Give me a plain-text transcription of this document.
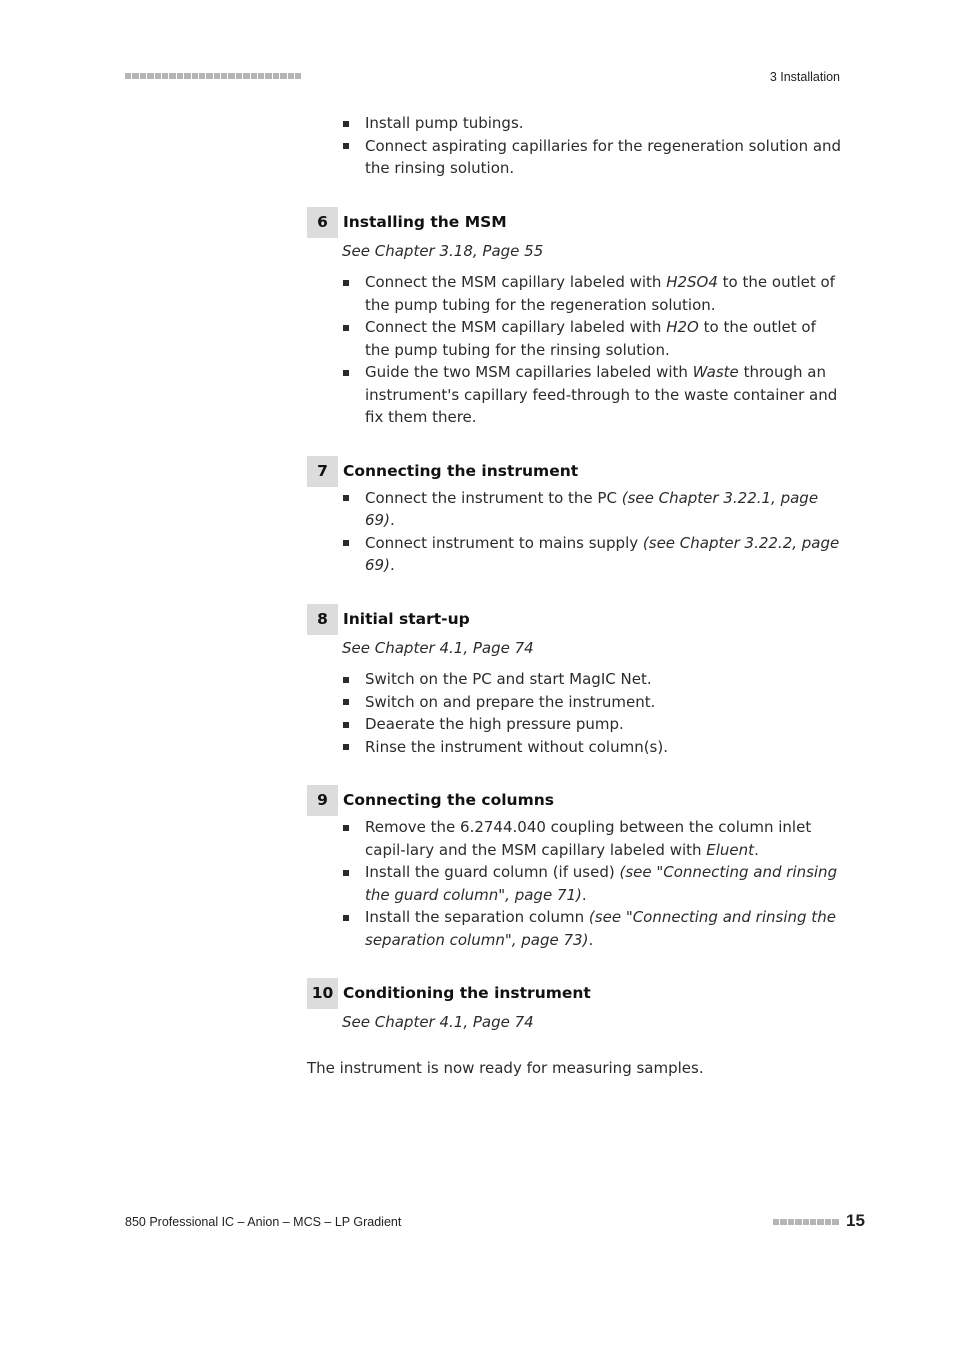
3 Installation
Install pump tubings.
Connect aspirating capillaries for the regeneration solution and the rinsing solution.
6 Installing the MSM
See Chapter 3.18, Page 55
Connect the MSM capillary labeled with H2SO4 to the outlet of the pump tubing for the regeneration solution.
Connect the MSM capillary labeled with H2O to the outlet of the pump tubing for the rinsing solution.
Guide the two MSM capillaries labeled with Waste through an instrument's capillary feed-through to the waste container and fix them there.
7 Connecting the instrument
Connect the instrument to the PC (see Chapter 3.22.1, page 69).
Connect instrument to mains supply (see Chapter 3.22.2, page 69).
8 Initial start-up
See Chapter 4.1, Page 74
Switch on the PC and start MagIC Net.
Switch on and prepare the instrument.
Deaerate the high pressure pump.
Rinse the instrument without column(s).
9 Connecting the columns
Remove the 6.2744.040 coupling between the column inlet capil-lary and the MSM capillary labeled with Eluent.
Install the guard column (if used) (see "Connecting and rinsing the guard column", page 71).
Install the separation column (see "Connecting and rinsing the separation column", page 73).
10 Conditioning the instrument
See Chapter 4.1, Page 74
The instrument is now ready for measuring samples.
850 Professional IC – Anion – MCS – LP Gradient	15
